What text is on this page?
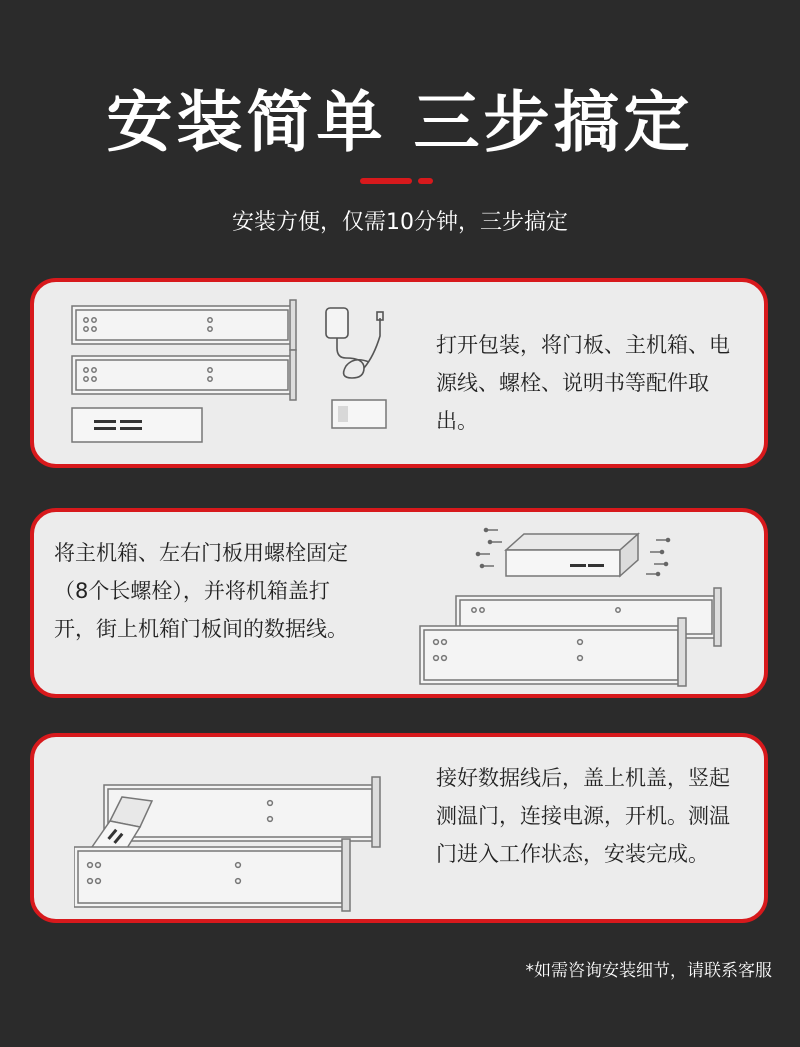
安装简单 三步搞定
安装方便，仅需10分钟，三步搞定
打开包装，将门板、主机箱、电源线、螺栓、说明书等配件取出。
将主机箱、左右门板用螺栓固定（8个长螺栓），并将机箱盖打开，街上机箱门板间的数据线。
接好数据线后，盖上机盖，竖起测温门，连接电源，开机。测温门进入工作状态，安装完成。
*如需咨询安装细节，请联系客服
